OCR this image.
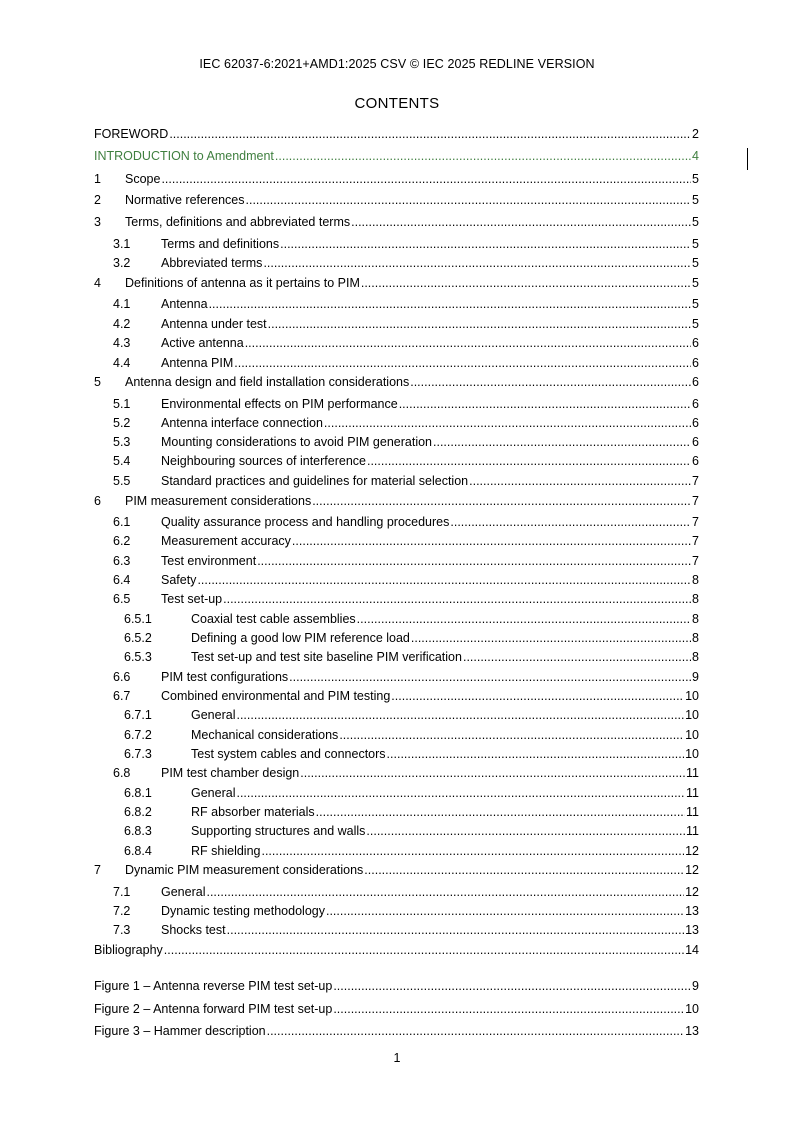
IEC 62037-6:2021+AMD1:2025 CSV © IEC 2025 REDLINE VERSION
CONTENTS
FOREWORD .....	2
INTRODUCTION to Amendment .....	4
1	Scope .....	5
2	Normative references .....	5
3	Terms, definitions and abbreviated terms .....	5
3.1	Terms and definitions .....	5
3.2	Abbreviated terms .....	5
4	Definitions of antenna as it pertains to PIM .....	5
4.1	Antenna .....	5
4.2	Antenna under test .....	5
4.3	Active antenna .....	6
4.4	Antenna PIM .....	6
5	Antenna design and field installation considerations .....	6
5.1	Environmental effects on PIM performance .....	6
5.2	Antenna interface connection .....	6
5.3	Mounting considerations to avoid PIM generation .....	6
5.4	Neighbouring sources of interference .....	6
5.5	Standard practices and guidelines for material selection .....	7
6	PIM measurement considerations .....	7
6.1	Quality assurance process and handling procedures .....	7
6.2	Measurement accuracy .....	7
6.3	Test environment .....	7
6.4	Safety .....	8
6.5	Test set-up .....	8
6.5.1	Coaxial test cable assemblies .....	8
6.5.2	Defining a good low PIM reference load .....	8
6.5.3	Test set-up and test site baseline PIM verification .....	8
6.6	PIM test configurations .....	9
6.7	Combined environmental and PIM testing .....	10
6.7.1	General .....	10
6.7.2	Mechanical considerations .....	10
6.7.3	Test system cables and connectors .....	10
6.8	PIM test chamber design .....	11
6.8.1	General .....	11
6.8.2	RF absorber materials .....	11
6.8.3	Supporting structures and walls .....	11
6.8.4	RF shielding .....	12
7	Dynamic PIM measurement considerations .....	12
7.1	General .....	12
7.2	Dynamic testing methodology .....	13
7.3	Shocks test .....	13
Bibliography .....	14
Figure 1 – Antenna reverse PIM test set-up .....	9
Figure 2 – Antenna forward PIM test set-up .....	10
Figure 3 – Hammer description .....	13
1
